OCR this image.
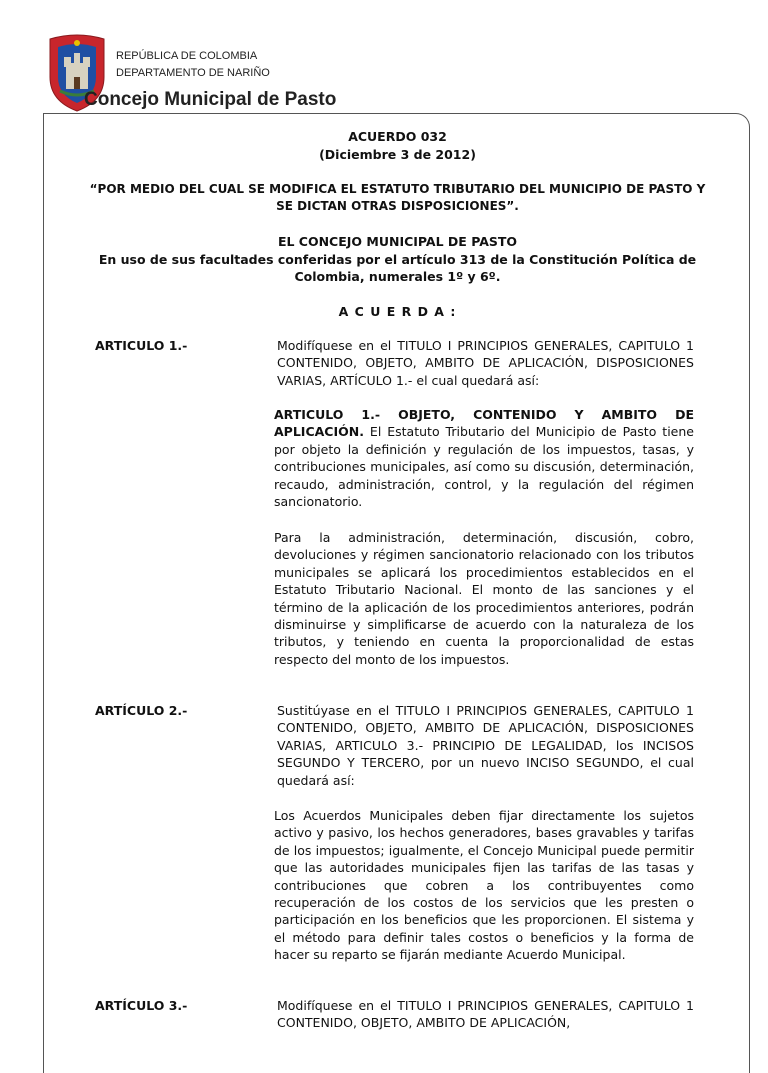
REPÚBLICA DE COLOMBIA
DEPARTAMENTO DE NARIÑO
Concejo Municipal de Pasto
ACUERDO 032
(Diciembre 3 de 2012)
“POR MEDIO DEL CUAL SE MODIFICA EL ESTATUTO TRIBUTARIO DEL MUNICIPIO DE PASTO Y
SE DICTAN OTRAS DISPOSICIONES”.
EL CONCEJO MUNICIPAL DE PASTO
En uso de sus facultades conferidas por el artículo 313 de la Constitución Política de
Colombia, numerales 1º y 6º.
A C U E R D A :
ARTICULO 1.-	Modifíquese en el TITULO I PRINCIPIOS GENERALES, CAPITULO 1 CONTENIDO, OBJETO, AMBITO DE APLICACIÓN, DISPOSICIONES VARIAS, ARTÍCULO 1.- el cual quedará así:
ARTICULO 1.- OBJETO, CONTENIDO Y AMBITO DE APLICACIÓN. El Estatuto Tributario del Municipio de Pasto tiene por objeto la definición y regulación de los impuestos, tasas, y contribuciones municipales, así como su discusión, determinación, recaudo, administración, control, y la regulación del régimen sancionatorio.
Para la administración, determinación, discusión, cobro, devoluciones y régimen sancionatorio relacionado con los tributos municipales se aplicará los procedimientos establecidos en el Estatuto Tributario Nacional. El monto de las sanciones y el término de la aplicación de los procedimientos anteriores, podrán disminuirse y simplificarse de acuerdo con la naturaleza de los tributos, y teniendo en cuenta la proporcionalidad de estas respecto del monto de los impuestos.
ARTÍCULO 2.-	Sustitúyase en el TITULO I PRINCIPIOS GENERALES, CAPITULO 1 CONTENIDO, OBJETO, AMBITO DE APLICACIÓN, DISPOSICIONES VARIAS, ARTICULO 3.- PRINCIPIO DE LEGALIDAD, los INCISOS SEGUNDO Y TERCERO, por un nuevo INCISO SEGUNDO, el cual quedará así:
Los Acuerdos Municipales deben fijar directamente los sujetos activo y pasivo, los hechos generadores, bases gravables y tarifas de los impuestos; igualmente, el Concejo Municipal puede permitir que las autoridades municipales fijen las tarifas de las tasas y contribuciones que cobren a los contribuyentes como recuperación de los costos de los servicios que les presten o participación en los beneficios que les proporcionen. El sistema y el método para definir tales costos o beneficios y la forma de hacer su reparto se fijarán mediante Acuerdo Municipal.
ARTÍCULO 3.-	Modifíquese en el TITULO I PRINCIPIOS GENERALES, CAPITULO 1 CONTENIDO, OBJETO, AMBITO DE APLICACIÓN,
